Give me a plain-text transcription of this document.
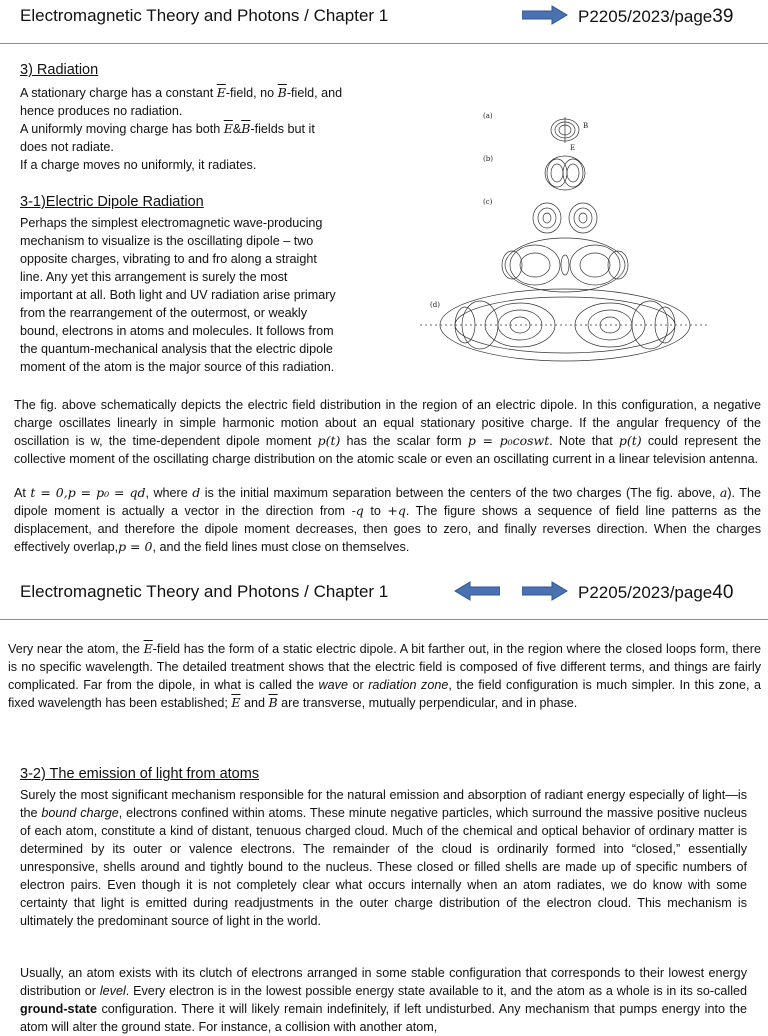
Electromagnetic Theory and Photons / Chapter 1	P2205/2023/page39
3) Radiation
A stationary charge has a constant $\overline{E}$-field, no $\overline{B}$-field, and
hence produces no radiation.
A uniformly moving charge has both $\overline{E}\&\overline{B}$-fields but it
does not radiate.
If a charge moves no uniformly, it radiates.
3-1)Electric Dipole Radiation
Perhaps the simplest electromagnetic wave-producing
mechanism to visualize is the oscillating dipole – two
opposite charges, vibrating to and fro along a straight
line. Any yet this arrangement is surely the most
important at all. Both light and UV radiation arise primary
from the rearrangement of the outermost, or weakly
bound, electrons in atoms and molecules. It follows from
the quantum-mechanical analysis that the electric dipole
moment of the atom is the major source of this radiation.
(a)
(b)
(c)
(d)
B
E
The fig. above schematically depicts the electric field distribution in the region of an electric dipole. In this configuration, a negative charge oscillates linearly in simple harmonic motion about an equal stationary positive charge. If the angular frequency of the oscillation is w, the time-dependent dipole moment p(t) has the scalar form p = p₀coswt. Note that p(t) could represent the collective moment of the oscillating charge distribution on the atomic scale or even an oscillating current in a linear television antenna.
At t = 0,p = p₀ = qd, where d is the initial maximum separation between the centers of the two charges (The fig. above, a). The dipole moment is actually a vector in the direction from -q to +q. The figure shows a sequence of field line patterns as the displacement, and therefore the dipole moment decreases, then goes to zero, and finally reverses direction. When the charges effectively overlap,p = 0, and the field lines must close on themselves.
Electromagnetic Theory and Photons / Chapter 1	P2205/2023/page40
Very near the atom, the $\overline{E}$-field has the form of a static electric dipole. A bit farther out, in the region where the closed loops form, there is no specific wavelength. The detailed treatment shows that the electric field is composed of five different terms, and things are fairly complicated. Far from the dipole, in what is called the wave or radiation zone, the field configuration is much simpler. In this zone, a fixed wavelength has been established; $\overline{E}$ and $\overline{B}$ are transverse, mutually perpendicular, and in phase.
3-2) The emission of light from atoms
Surely the most significant mechanism responsible for the natural emission and absorption of radiant energy especially of light—is the bound charge, electrons confined within atoms. These minute negative particles, which surround the massive positive nucleus of each atom, constitute a kind of distant, tenuous charged cloud. Much of the chemical and optical behavior of ordinary matter is determined by its outer or valence electrons. The remainder of the cloud is ordinarily formed into “closed,” essentially unresponsive, shells around and tightly bound to the nucleus. These closed or filled shells are made up of specific numbers of electron pairs. Even though it is not completely clear what occurs internally when an atom radiates, we do know with some certainty that light is emitted during readjustments in the outer charge distribution of the electron cloud. This mechanism is ultimately the predominant source of light in the world.
Usually, an atom exists with its clutch of electrons arranged in some stable configuration that corresponds to their lowest energy distribution or level. Every electron is in the lowest possible energy state available to it, and the atom as a whole is in its so-called ground-state configuration. There it will likely remain indefinitely, if left undisturbed. Any mechanism that pumps energy into the atom will alter the ground state. For instance, a collision with another atom,
